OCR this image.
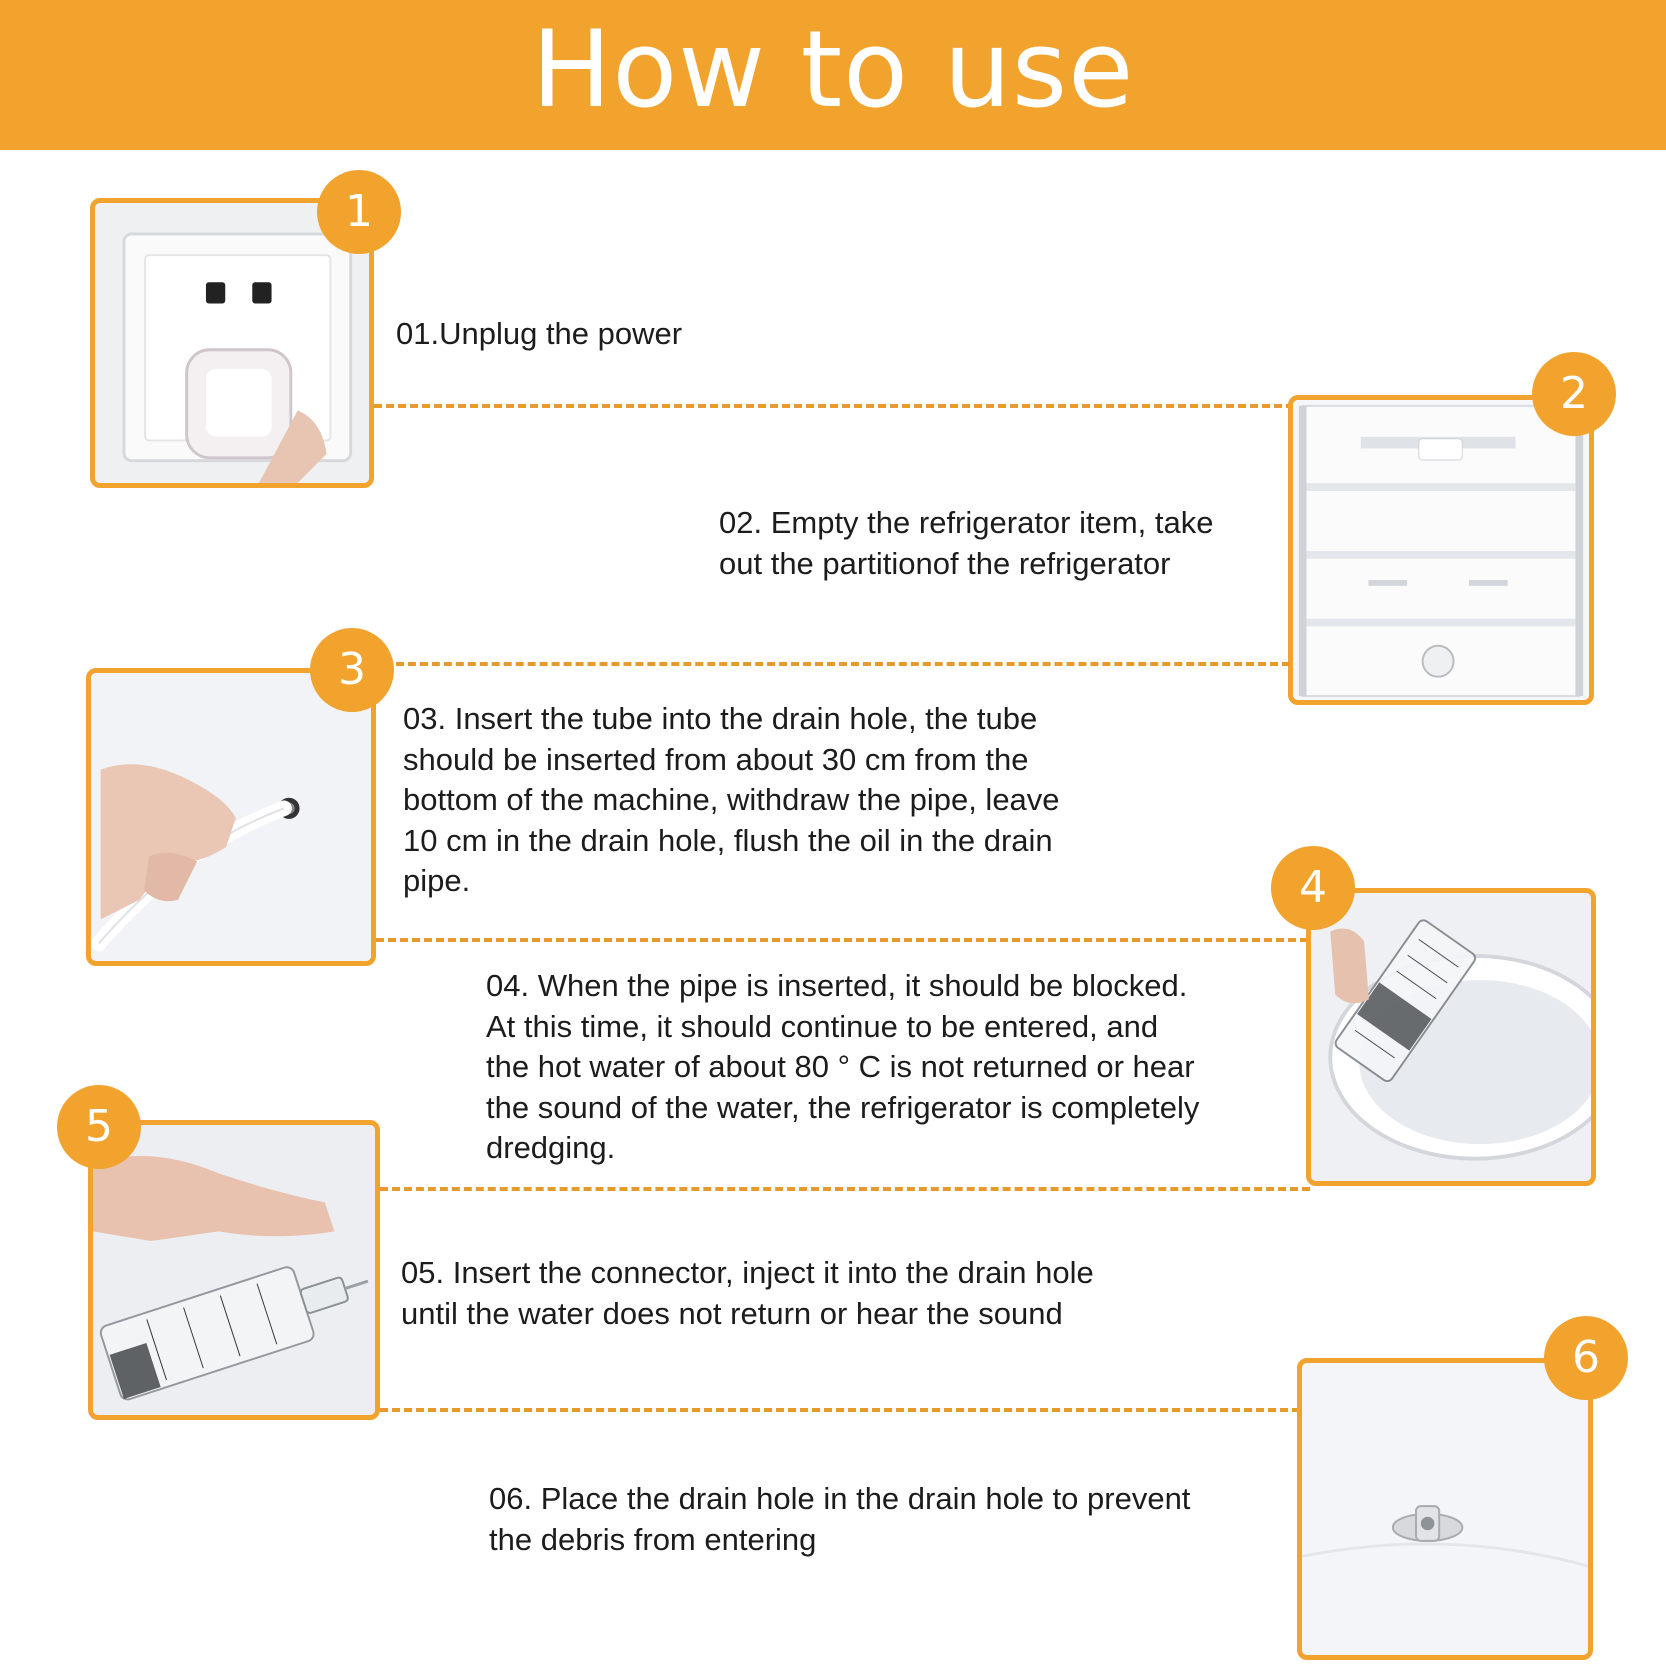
How to use
1

01.Unplug the power

2

02. Empty the refrigerator item, take
out the partitionof the refrigerator

3

03. Insert the tube into the drain hole, the tube
should be inserted from about 30 cm from the
bottom of the machine, withdraw the pipe, leave
10 cm in the drain hole, flush the oil in the drain
pipe.	4

04. When the pipe is inserted, it should be blocked.
At this time, it should continue to be entered, and
the hot water of about 80 ° C is not returned or hear
the sound of the water, the refrigerator is completely
dredging.

5

05. Insert the connector, inject it into the drain hole
until the water does not return or hear the sound

6

06. Place the drain hole in the drain hole to prevent
the debris from entering
